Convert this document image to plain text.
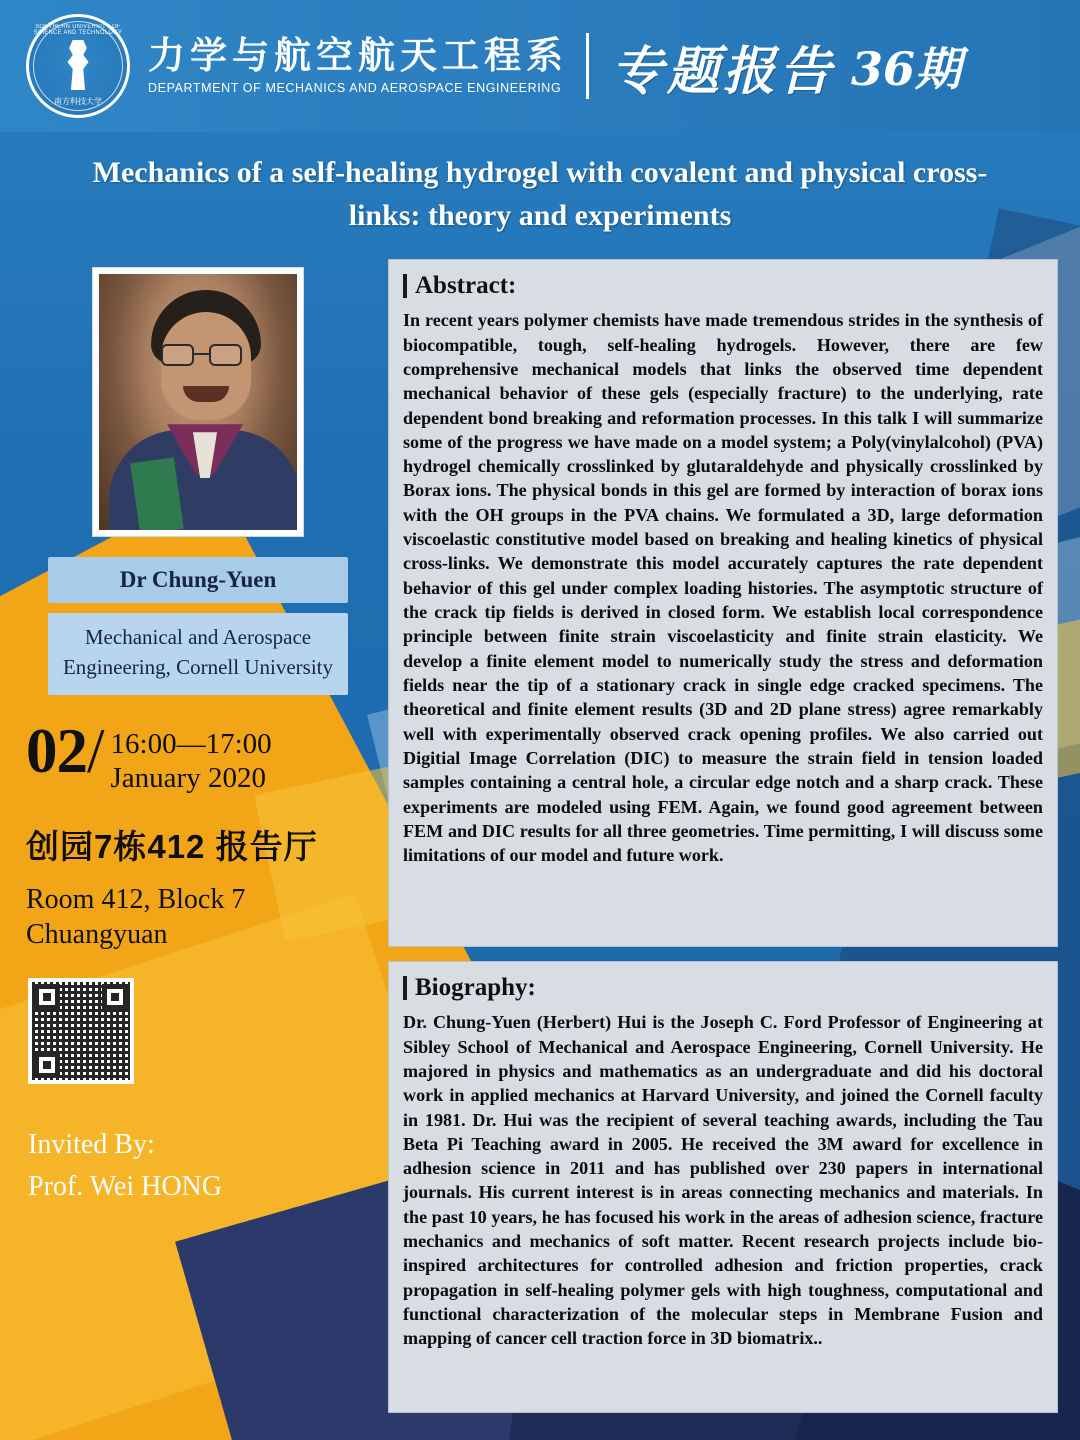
SOUTHERN UNIVERSITY OF SCIENCE AND TECHNOLOGY
南方科技大学
力学与航空航天工程系
DEPARTMENT OF MECHANICS AND AEROSPACE ENGINEERING 专题报告 36期
Mechanics of a self-healing hydrogel with covalent and physical cross-links: theory and experiments
Dr Chung-Yuen
Mechanical and Aerospace Engineering, Cornell University
02 / 16:00—17:00
January 2020
创园7栋412 报告厅
Room 412, Block 7 Chuangyuan
Invited By:
Prof. Wei HONG
Abstract:
In recent years polymer chemists have made tremendous strides in the synthesis of biocompatible, tough, self-healing hydrogels. However, there are few comprehensive mechanical models that links the observed time dependent mechanical behavior of these gels (especially fracture) to the underlying, rate dependent bond breaking and reformation processes. In this talk I will summarize some of the progress we have made on a model system; a Poly(vinylalcohol) (PVA) hydrogel chemically crosslinked by glutaraldehyde and physically crosslinked by Borax ions. The physical bonds in this gel are formed by interaction of borax ions with the OH groups in the PVA chains. We formulated a 3D, large deformation viscoelastic constitutive model based on breaking and healing kinetics of physical cross-links. We demonstrate this model accurately captures the rate dependent behavior of this gel under complex loading histories. The asymptotic structure of the crack tip fields is derived in closed form. We establish local correspondence principle between finite strain viscoelasticity and finite strain elasticity. We develop a finite element model to numerically study the stress and deformation fields near the tip of a stationary crack in single edge cracked specimens. The theoretical and finite element results (3D and 2D plane stress) agree remarkably well with experimentally observed crack opening profiles. We also carried out Digitial Image Correlation (DIC) to measure the strain field in tension loaded samples containing a central hole, a circular edge notch and a sharp crack. These experiments are modeled using FEM. Again, we found good agreement between FEM and DIC results for all three geometries. Time permitting, I will discuss some limitations of our model and future work.
Biography:
Dr. Chung-Yuen (Herbert) Hui is the Joseph C. Ford Professor of Engineering at Sibley School of Mechanical and Aerospace Engineering, Cornell University. He majored in physics and mathematics as an undergraduate and did his doctoral work in applied mechanics at Harvard University, and joined the Cornell faculty in 1981. Dr. Hui was the recipient of several teaching awards, including the Tau Beta Pi Teaching award in 2005. He received the 3M award for excellence in adhesion science in 2011 and has published over 230 papers in international journals. His current interest is in areas connecting mechanics and materials. In the past 10 years, he has focused his work in the areas of adhesion science, fracture mechanics and mechanics of soft matter. Recent research projects include bio-inspired architectures for controlled adhesion and friction properties, crack propagation in self-healing polymer gels with high toughness, computational and functional characterization of the molecular steps in Membrane Fusion and mapping of cancer cell traction force in 3D biomatrix..
